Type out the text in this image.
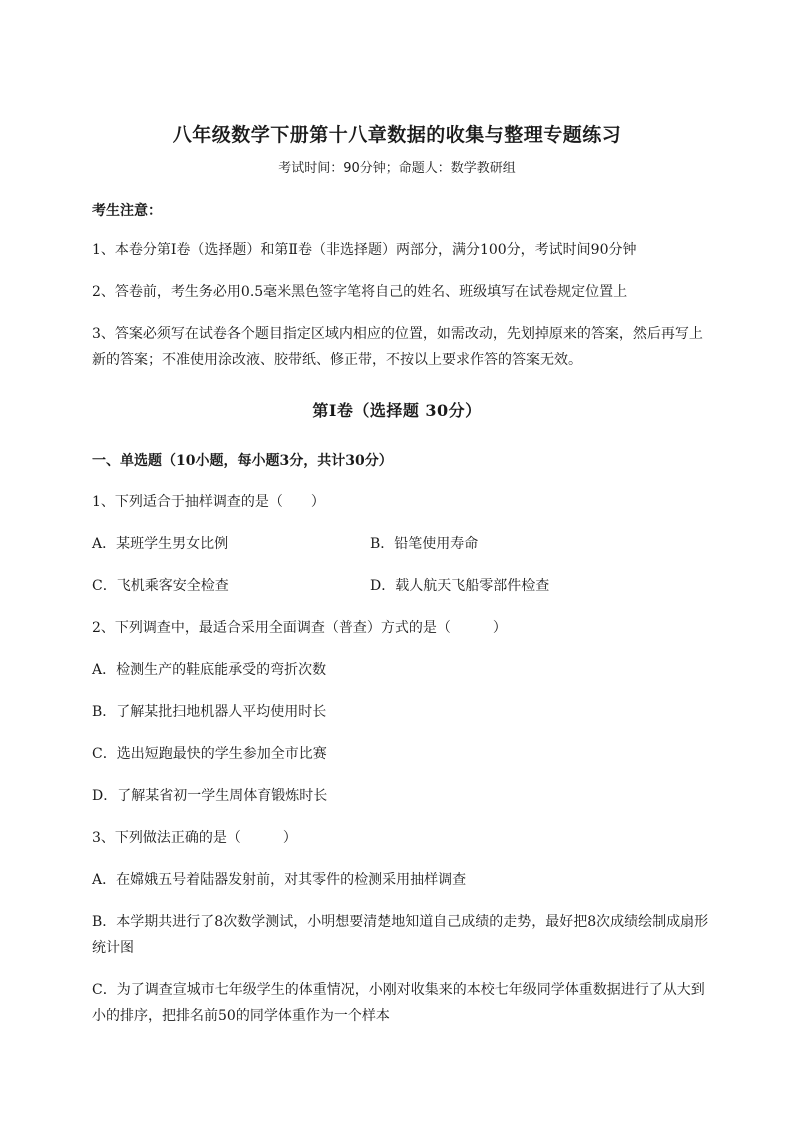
八年级数学下册第十八章数据的收集与整理专题练习
考试时间：90分钟；命题人：数学教研组
考生注意：
1、本卷分第I卷（选择题）和第Ⅱ卷（非选择题）两部分，满分100分，考试时间90分钟
2、答卷前，考生务必用0.5毫米黑色签字笔将自己的姓名、班级填写在试卷规定位置上
3、答案必须写在试卷各个题目指定区域内相应的位置，如需改动，先划掉原来的答案，然后再写上新的答案；不准使用涂改液、胶带纸、修正带，不按以上要求作答的答案无效。
第I卷（选择题 30分）
一、单选题（10小题，每小题3分，共计30分）
1、下列适合于抽样调查的是（　　）
A．某班学生男女比例	B．铅笔使用寿命
C．飞机乘客安全检查	D．载人航天飞船零部件检查
2、下列调查中，最适合采用全面调查（普查）方式的是（　　　）
A．检测生产的鞋底能承受的弯折次数
B．了解某批扫地机器人平均使用时长
C．选出短跑最快的学生参加全市比赛
D．了解某省初一学生周体育锻炼时长
3、下列做法正确的是（　　　）
A．在嫦娥五号着陆器发射前，对其零件的检测采用抽样调查
B．本学期共进行了8次数学测试，小明想要清楚地知道自己成绩的走势，最好把8次成绩绘制成扇形统计图
C．为了调查宣城市七年级学生的体重情况，小刚对收集来的本校七年级同学体重数据进行了从大到小的排序，把排名前50的同学体重作为一个样本
